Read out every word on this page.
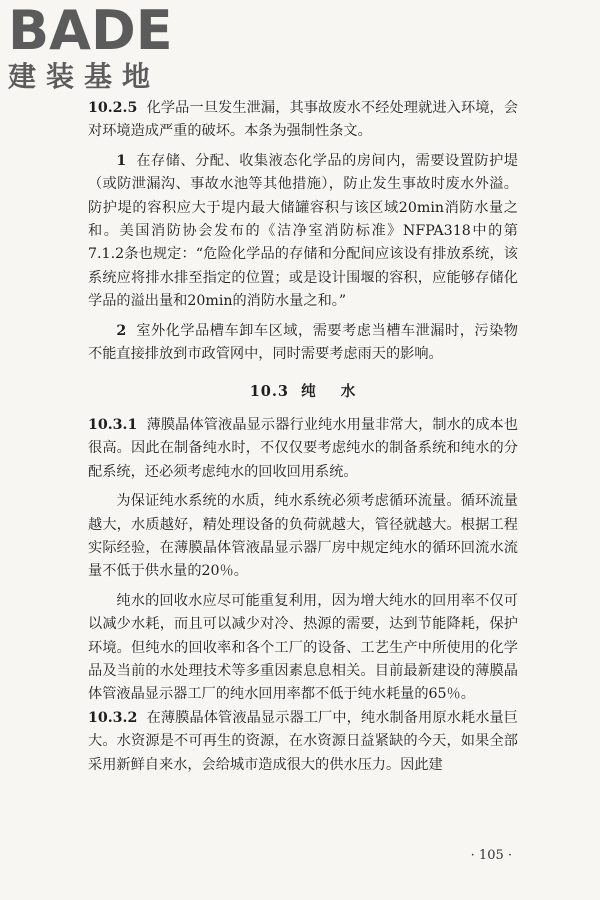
BADE
建装基地

10.2.5 化学品一旦发生泄漏，其事故废水不经处理就进入环境，会对环境造成严重的破坏。本条为强制性条文。

1 在存储、分配、收集液态化学品的房间内，需要设置防护堤（或防泄漏沟、事故水池等其他措施），防止发生事故时废水外溢。防护堤的容积应大于堤内最大储罐容积与该区域20min消防水量之和。美国消防协会发布的《洁净室消防标准》NFPA318中的第7.1.2条也规定：“危险化学品的存储和分配间应该设有排放系统，该系统应将排水排至指定的位置；或是设计围堰的容积，应能够存储化学品的溢出量和20min的消防水量之和。”

2 室外化学品槽车卸车区域，需要考虑当槽车泄漏时，污染物不能直接排放到市政管网中，同时需要考虑雨天的影响。

10.3  纯    水

10.3.1 薄膜晶体管液晶显示器行业纯水用量非常大，制水的成本也很高。因此在制备纯水时，不仅仅要考虑纯水的制备系统和纯水的分配系统，还必须考虑纯水的回收回用系统。

为保证纯水系统的水质，纯水系统必须考虑循环流量。循环流量越大，水质越好，精处理设备的负荷就越大，管径就越大。根据工程实际经验，在薄膜晶体管液晶显示器厂房中规定纯水的循环回流水流量不低于供水量的20％。

纯水的回收水应尽可能重复利用，因为增大纯水的回用率不仅可以减少水耗，而且可以减少对冷、热源的需要，达到节能降耗，保护环境。但纯水的回收率和各个工厂的设备、工艺生产中所使用的化学品及当前的水处理技术等多重因素息息相关。目前最新建设的薄膜晶体管液晶显示器工厂的纯水回用率都不低于纯水耗量的65％。

10.3.2 在薄膜晶体管液晶显示器工厂中，纯水制备用原水耗水量巨大。水资源是不可再生的资源，在水资源日益紧缺的今天，如果全部采用新鲜自来水，会给城市造成很大的供水压力。因此建

· 105 ·
